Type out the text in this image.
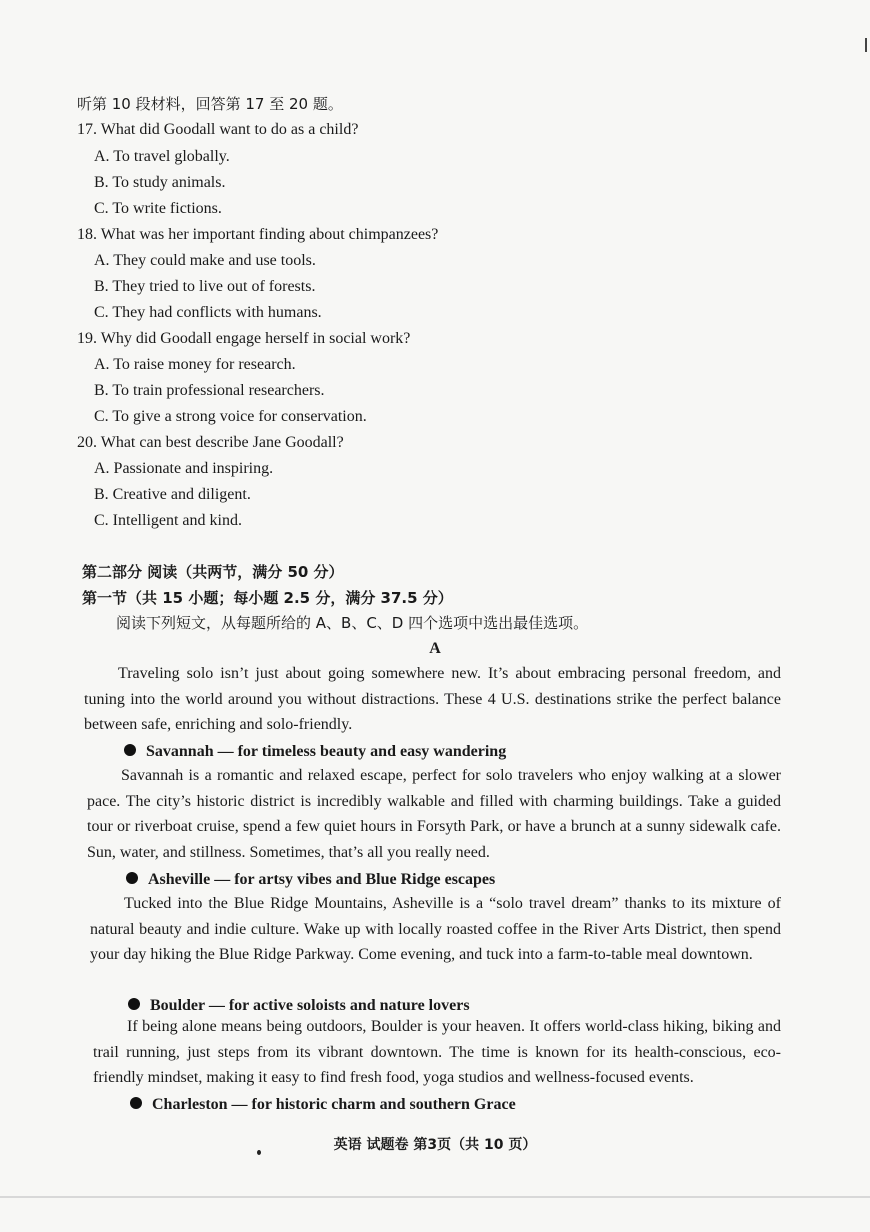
听第 10 段材料，回答第 17 至 20 题。
17. What did Goodall want to do as a child?
A. To travel globally.
B. To study animals.
C. To write fictions.
18. What was her important finding about chimpanzees?
A. They could make and use tools.
B. They tried to live out of forests.
C. They had conflicts with humans.
19. Why did Goodall engage herself in social work?
A. To raise money for research.
B. To train professional researchers.
C. To give a strong voice for conservation.
20. What can best describe Jane Goodall?
A. Passionate and inspiring.
B. Creative and diligent.
C. Intelligent and kind.
第二部分 阅读（共两节，满分 50 分）
第一节（共 15 小题；每小题 2.5 分，满分 37.5 分）
阅读下列短文，从每题所给的 A、B、C、D 四个选项中选出最佳选项。
A
Traveling solo isn’t just about going somewhere new. It’s about embracing personal freedom, and tuning into the world around you without distractions. These 4 U.S. destinations strike the perfect balance between safe, enriching and solo-friendly.
Savannah — for timeless beauty and easy wandering
Savannah is a romantic and relaxed escape, perfect for solo travelers who enjoy walking at a slower pace. The city’s historic district is incredibly walkable and filled with charming buildings. Take a guided tour or riverboat cruise, spend a few quiet hours in Forsyth Park, or have a brunch at a sunny sidewalk cafe. Sun, water, and stillness. Sometimes, that’s all you really need.
Asheville — for artsy vibes and Blue Ridge escapes
Tucked into the Blue Ridge Mountains, Asheville is a “solo travel dream” thanks to its mixture of natural beauty and indie culture. Wake up with locally roasted coffee in the River Arts District, then spend your day hiking the Blue Ridge Parkway. Come evening, and tuck into a farm-to-table meal downtown.
Boulder — for active soloists and nature lovers
If being alone means being outdoors, Boulder is your heaven. It offers world-class hiking, biking and trail running, just steps from its vibrant downtown. The time is known for its health-conscious, eco-friendly mindset, making it easy to find fresh food, yoga studios and wellness-focused events.
Charleston — for historic charm and southern Grace
英语 试题卷 第3页（共 10 页）
